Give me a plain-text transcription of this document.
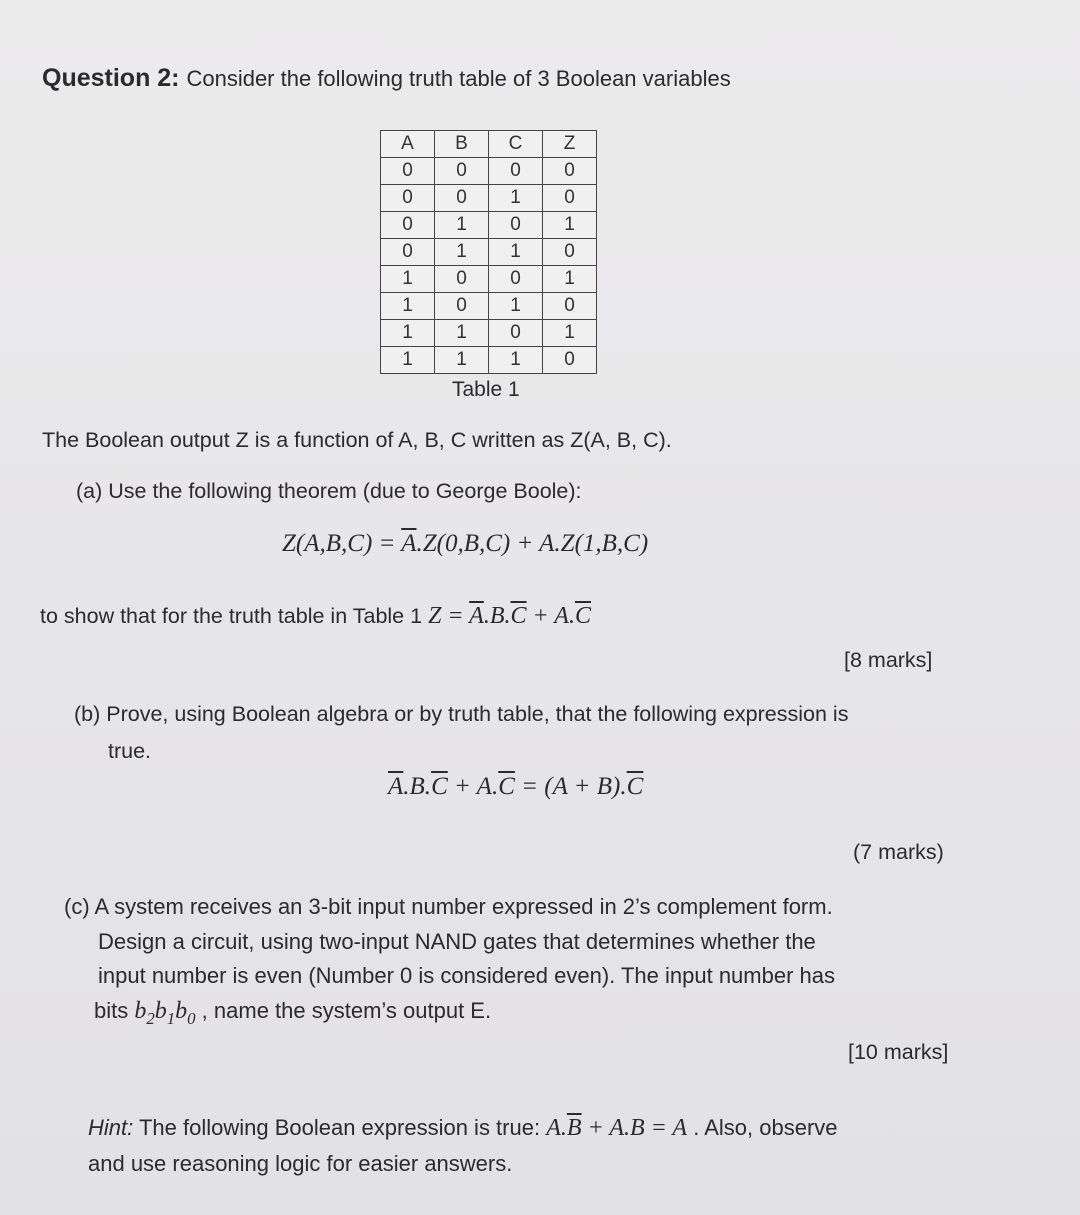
Question 2: Consider the following truth table of 3 Boolean variables
A	B	C	Z
0	0	0	0
0	0	1	0
0	1	0	1
0	1	1	0
1	0	0	1
1	0	1	0
1	1	0	1
1	1	1	0
Table 1
The Boolean output Z is a function of A, B, C written as Z(A, B, C).
(a) Use the following theorem (due to George Boole):
$Z(A,B,C) = \overline{A}.Z(0,B,C) + A.Z(1,B,C)$
to show that for the truth table in Table 1 $Z = \overline{A}.B.\overline{C} + A.\overline{C}$
[8 marks]
(b) Prove, using Boolean algebra or by truth table, that the following expression is
true.
$\overline{A}.B.\overline{C} + A.\overline{C} = (A + B).\overline{C}$
(7 marks)
(c) A system receives an 3-bit input number expressed in 2’s complement form.
Design a circuit, using two-input NAND gates that determines whether the
input number is even (Number 0 is considered even). The input number has
bits $b_2b_1b_0$ , name the system’s output E.
[10 marks]
Hint: The following Boolean expression is true: $A.\overline{B} + A.B = A$ . Also, observe
and use reasoning logic for easier answers.
